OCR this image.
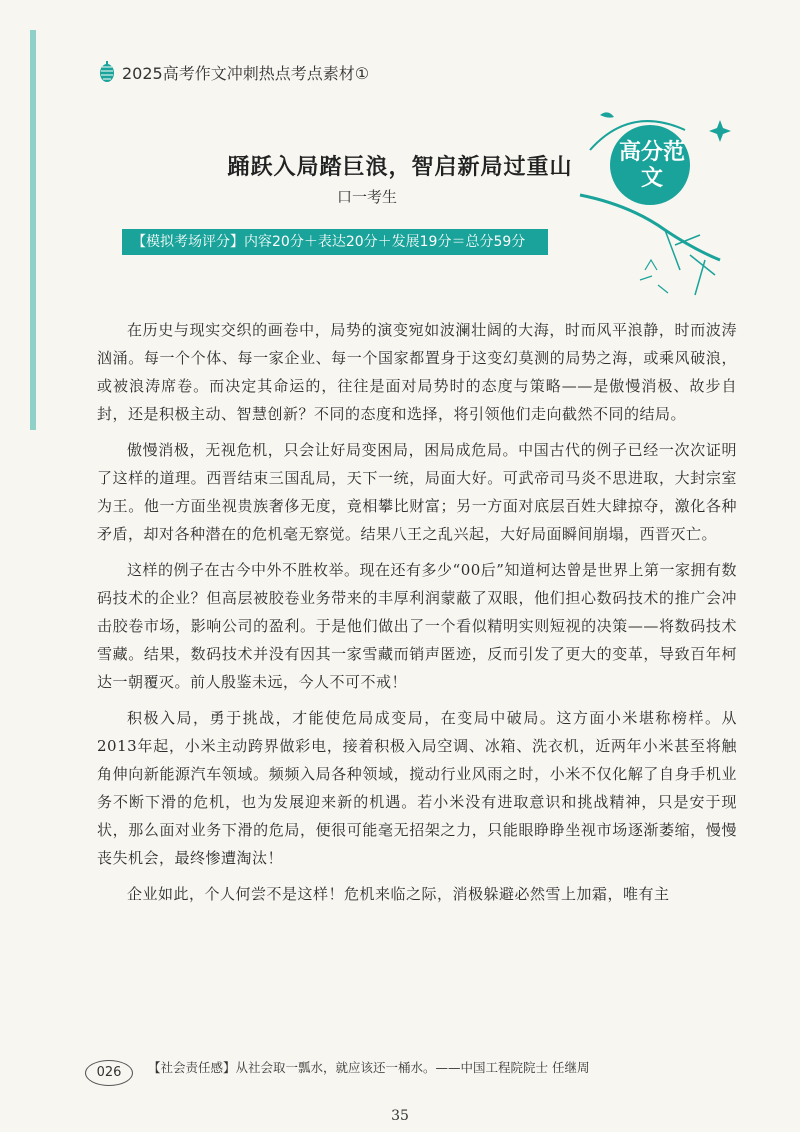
2025高考作文冲刺热点考点素材①
高分范文
踊跃入局踏巨浪，智启新局过重山
口一考生
【模拟考场评分】内容20分＋表达20分＋发展19分＝总分59分

在历史与现实交织的画卷中，局势的演变宛如波澜壮阔的大海，时而风平浪静，时而波涛汹涌。每一个个体、每一家企业、每一个国家都置身于这变幻莫测的局势之海，或乘风破浪，或被浪涛席卷。而决定其命运的，往往是面对局势时的态度与策略——是傲慢消极、故步自封，还是积极主动、智慧创新？不同的态度和选择，将引领他们走向截然不同的结局。

傲慢消极，无视危机，只会让好局变困局，困局成危局。中国古代的例子已经一次次证明了这样的道理。西晋结束三国乱局，天下一统，局面大好。可武帝司马炎不思进取，大封宗室为王。他一方面坐视贵族奢侈无度，竟相攀比财富；另一方面对底层百姓大肆掠夺，激化各种矛盾，却对各种潜在的危机毫无察觉。结果八王之乱兴起，大好局面瞬间崩塌，西晋灭亡。

这样的例子在古今中外不胜枚举。现在还有多少“00后”知道柯达曾是世界上第一家拥有数码技术的企业？但高层被胶卷业务带来的丰厚利润蒙蔽了双眼，他们担心数码技术的推广会冲击胶卷市场，影响公司的盈利。于是他们做出了一个看似精明实则短视的决策——将数码技术雪藏。结果，数码技术并没有因其一家雪藏而销声匿迹，反而引发了更大的变革，导致百年柯达一朝覆灭。前人殷鉴未远，今人不可不戒！

积极入局，勇于挑战，才能使危局成变局，在变局中破局。这方面小米堪称榜样。从2013年起，小米主动跨界做彩电，接着积极入局空调、冰箱、洗衣机，近两年小米甚至将触角伸向新能源汽车领域。频频入局各种领域，搅动行业风雨之时，小米不仅化解了自身手机业务不断下滑的危机，也为发展迎来新的机遇。若小米没有进取意识和挑战精神，只是安于现状，那么面对业务下滑的危局，便很可能毫无招架之力，只能眼睁睁坐视市场逐渐萎缩，慢慢丧失机会，最终惨遭淘汰！

企业如此，个人何尝不是这样！危机来临之际，消极躲避必然雪上加霜，唯有主

026	【社会责任感】从社会取一瓢水，就应该还一桶水。——中国工程院院士 任继周
35
